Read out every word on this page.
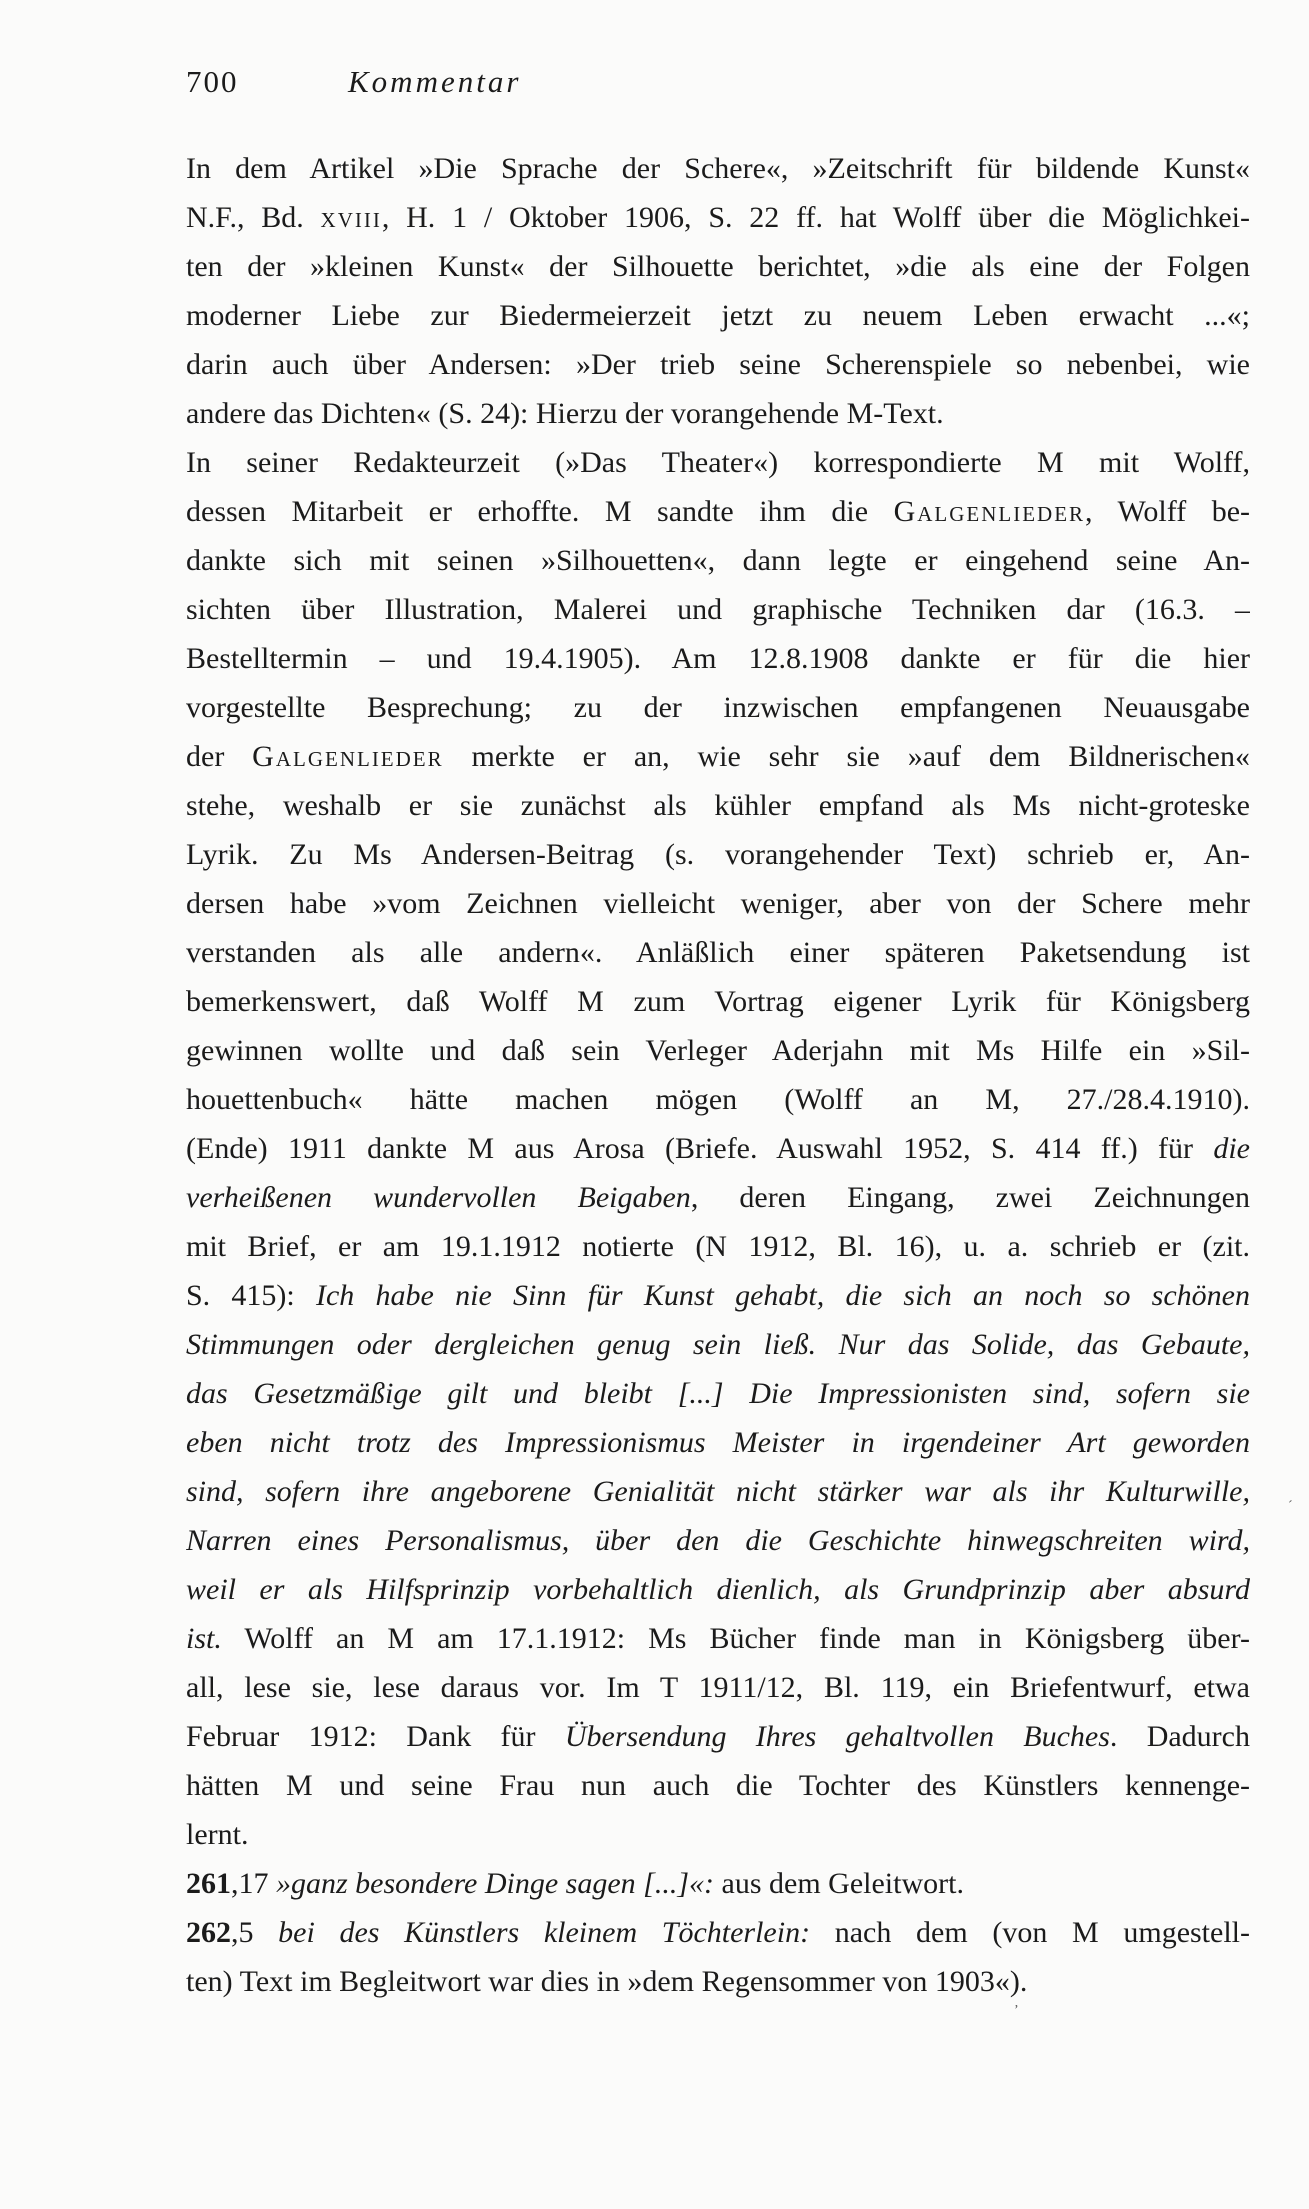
700	Kommentar
In dem Artikel »Die Sprache der Schere«, »Zeitschrift für bildende Kunst«
N.F., Bd. xviii, H. 1 / Oktober 1906, S. 22 ff. hat Wolff über die Möglichkei-
ten der »kleinen Kunst« der Silhouette berichtet, »die als eine der Folgen
moderner Liebe zur Biedermeierzeit jetzt zu neuem Leben erwacht ...«;
darin auch über Andersen: »Der trieb seine Scherenspiele so nebenbei, wie
andere das Dichten« (S. 24): Hierzu der vorangehende M-Text.
In seiner Redakteurzeit (»Das Theater«) korrespondierte M mit Wolff,
dessen Mitarbeit er erhoffte. M sandte ihm die Galgenlieder, Wolff be-
dankte sich mit seinen »Silhouetten«, dann legte er eingehend seine An-
sichten über Illustration, Malerei und graphische Techniken dar (16.3. –
Bestelltermin – und 19.4.1905). Am 12.8.1908 dankte er für die hier
vorgestellte Besprechung; zu der inzwischen empfangenen Neuausgabe
der Galgenlieder merkte er an, wie sehr sie »auf dem Bildnerischen«
stehe, weshalb er sie zunächst als kühler empfand als Ms nicht-groteske
Lyrik. Zu Ms Andersen-Beitrag (s. vorangehender Text) schrieb er, An-
dersen habe »vom Zeichnen vielleicht weniger, aber von der Schere mehr
verstanden als alle andern«. Anläßlich einer späteren Paketsendung ist
bemerkenswert, daß Wolff M zum Vortrag eigener Lyrik für Königsberg
gewinnen wollte und daß sein Verleger Aderjahn mit Ms Hilfe ein »Sil-
houettenbuch« hätte machen mögen (Wolff an M, 27./28.4.1910).
(Ende) 1911 dankte M aus Arosa (Briefe. Auswahl 1952, S. 414 ff.) für die
verheißenen wundervollen Beigaben, deren Eingang, zwei Zeichnungen
mit Brief, er am 19.1.1912 notierte (N 1912, Bl. 16), u. a. schrieb er (zit.
S. 415): Ich habe nie Sinn für Kunst gehabt, die sich an noch so schönen
Stimmungen oder dergleichen genug sein ließ. Nur das Solide, das Gebaute,
das Gesetzmäßige gilt und bleibt [...] Die Impressionisten sind, sofern sie
eben nicht trotz des Impressionismus Meister in irgendeiner Art geworden
sind, sofern ihre angeborene Genialität nicht stärker war als ihr Kulturwille,
Narren eines Personalismus, über den die Geschichte hinwegschreiten wird,
weil er als Hilfsprinzip vorbehaltlich dienlich, als Grundprinzip aber absurd
ist. Wolff an M am 17.1.1912: Ms Bücher finde man in Königsberg über-
all, lese sie, lese daraus vor. Im T 1911/12, Bl. 119, ein Briefentwurf, etwa
Februar 1912: Dank für Übersendung Ihres gehaltvollen Buches. Dadurch
hätten M und seine Frau nun auch die Tochter des Künstlers kennenge-
lernt.
261,17 »ganz besondere Dinge sagen [...]«: aus dem Geleitwort.
262,5 bei des Künstlers kleinem Töchterlein: nach dem (von M umgestell-
ten) Text im Begleitwort war dies in »dem Regensommer von 1903«).
ʼ
ˊ
